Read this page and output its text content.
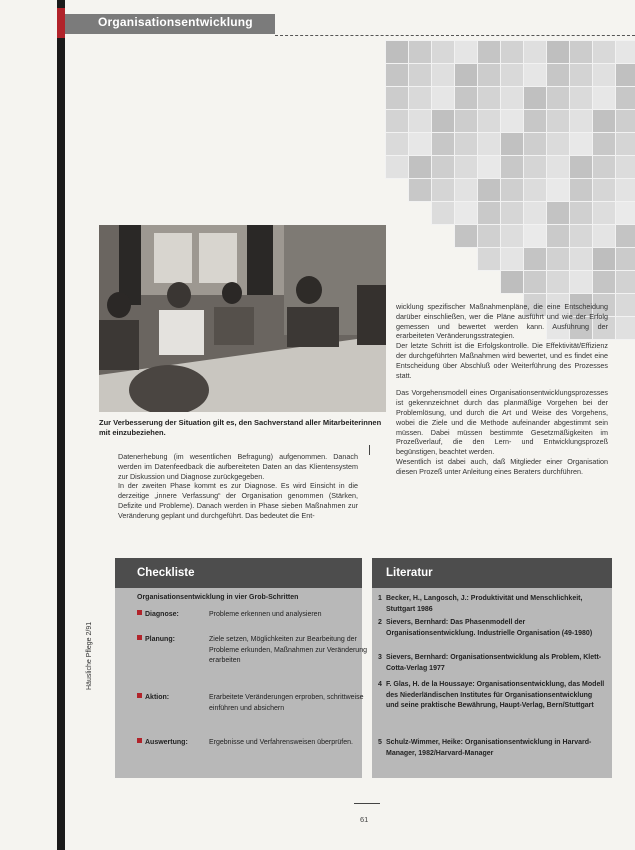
Organisationsentwicklung
Zur Verbesserung der Situation gilt es, den Sachverstand aller Mitarbeiterinnen mit einzubeziehen.
Datenerhebung (im wesentlichen Befragung) aufgenommen. Danach werden im Datenfeedback die aufbereiteten Daten an das Klientensystem zur Diskussion und Diagnose zurückgegeben.
In der zweiten Phase kommt es zur Diagnose. Es wird Einsicht in die derzeitige „innere Verfassung“ der Organisation genommen (Stärken, Defizite und Probleme). Danach werden in Phase sieben Maßnahmen zur Veränderung geplant und durchgeführt. Das bedeutet die Ent-
wicklung spezifischer Maßnahmenpläne, die eine Entscheidung darüber einschließen, wer die Pläne ausführt und wie der Erfolg gemessen und bewertet werden kann. Ausführung der erarbeiteten Veränderungsstrategien.
Der letzte Schritt ist die Erfolgskontrolle. Die Effektivität/Effizienz der durchgeführten Maßnahmen wird bewertet, und es findet eine Entscheidung über Abschluß oder Weiterführung des Prozesses statt.
Das Vorgehensmodell eines Organisationsentwicklungsprozesses ist gekennzeichnet durch das planmäßige Vorgehen bei der Problemlösung, und durch die Art und Weise des Vorgehens, wobei die Ziele und die Methode aufeinander abgestimmt sein müssen. Dabei müssen bestimmte Gesetzmäßigkeiten im Prozeßverlauf, die den Lern- und Entwicklungsprozeß begünstigen, beachtet werden.
Wesentlich ist dabei auch, daß Mitglieder einer Organisation diesen Prozeß unter Anleitung eines Beraters durchführen.
Checkliste
Organisationsentwicklung in vier Grob-Schritten
Diagnose:	Probleme erkennen und analysieren
Planung:	Ziele setzen, Möglichkeiten zur Bearbeitung der Probleme erkunden, Maßnahmen zur Veränderung erarbeiten
Aktion:	Erarbeitete Veränderungen erproben, schrittweise einführen und absichern
Auswertung:	Ergebnisse und Verfahrensweisen überprüfen.
Literatur
1 Becker, H., Langosch, J.: Produktivität und Menschlichkeit, Stuttgart 1986
2 Sievers, Bernhard: Das Phasenmodell der Organisationsentwicklung. Industrielle Organisation (49-1980)
3 Sievers, Bernhard: Organisationsentwicklung als Problem, Klett-Cotta-Verlag 1977
4 F. Glas, H. de la Houssaye: Organisationsentwicklung, das Modell des Niederländischen Institutes für Organisationsentwicklung und seine praktische Bewährung, Haupt-Verlag, Bern/Stuttgart
5 Schulz-Wimmer, Heike: Organisationsentwicklung in Harvard-Manager, 1982/Harvard-Manager
Häusliche Pflege 2/91
61
